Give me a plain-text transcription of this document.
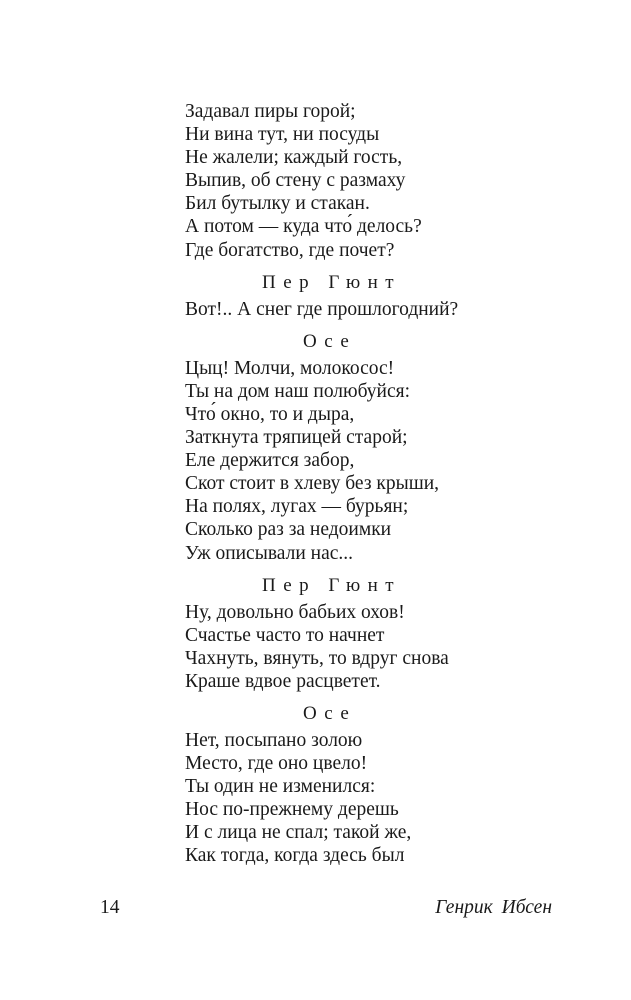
Задавал пиры горой;
Ни вина тут, ни посуды
Не жалели; каждый гость,
Выпив, об стену с размаху
Бил бутылку и стакан.
А потом — куда что́ делось?
Где богатство, где почет?
Пер Гюнт
Вот!.. А снег где прошлогодний?
Осе
Цыц! Молчи, молокосос!
Ты на дом наш полюбуйся:
Что́ окно, то и дыра,
Заткнута тряпицей старой;
Еле держится забор,
Скот стоит в хлеву без крыши,
На полях, лугах — бурьян;
Сколько раз за недоимки
Уж описывали нас...
Пер Гюнт
Ну, довольно бабьих охов!
Счастье часто то начнет
Чахнуть, вянуть, то вдруг снова
Краше вдвое расцветет.
Осе
Нет, посыпано золою
Место, где оно цвело!
Ты один не изменился:
Нос по-прежнему дерешь
И с лица не спал; такой же,
Как тогда, когда здесь был
14	Генрик Ибсен
